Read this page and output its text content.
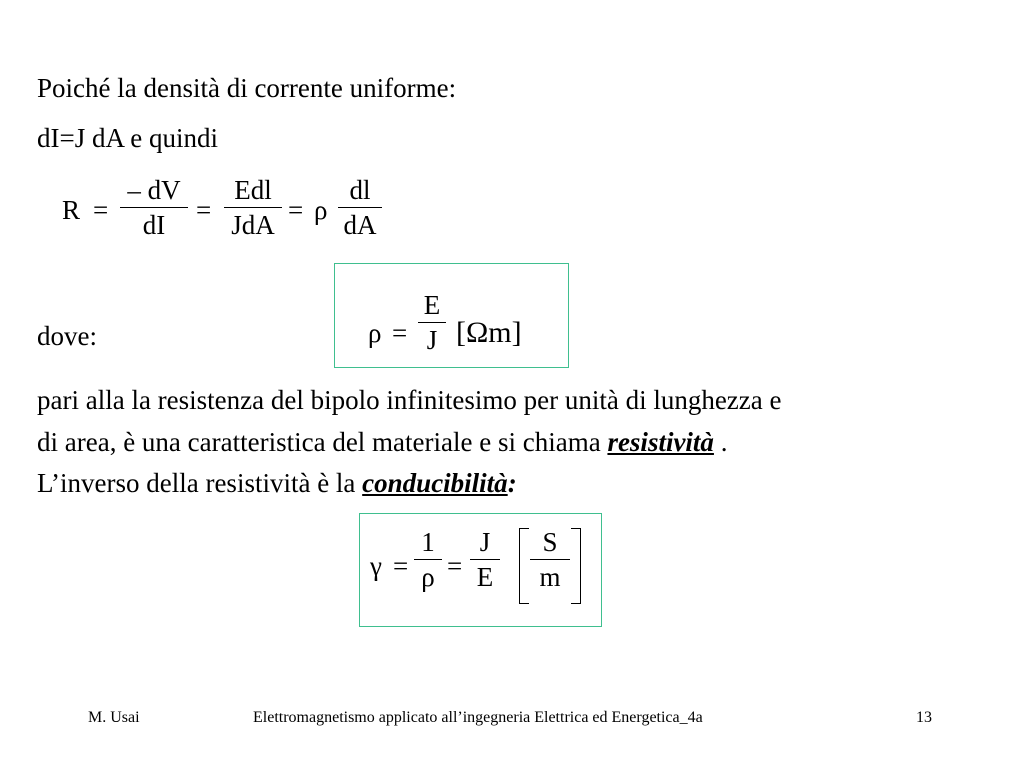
Poiché la densità di corrente uniforme:
dI=J dA e quindi
R =
– dV
dI	=
Edl
JdA = ρ
dl
dA
ρ =
E
J [Ωm]
dove:
pari alla la resistenza del bipolo infinitesimo per unità di lunghezza e
di area, è una caratteristica del materiale e si chiama resistività .
L’inverso della resistività è la conducibilità:
γ =
1
ρ =
J
E
S
m
M. Usai	Elettromagnetismo applicato all’ingegneria Elettrica ed Energetica_4a	13
